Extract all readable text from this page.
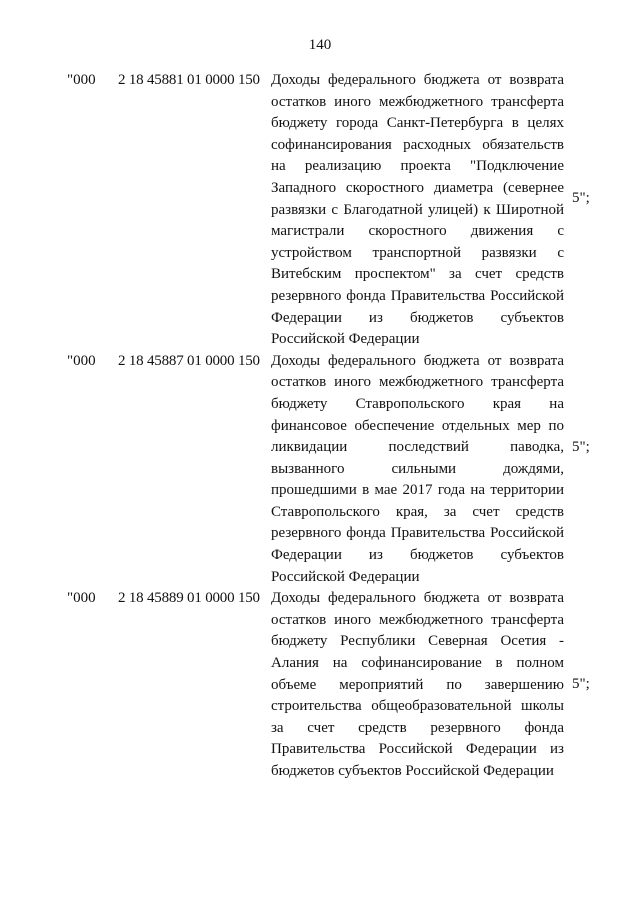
140
"000 2 18 45881 01 0000 150 Доходы федерального бюджета от возврата
остатков иного межбюджетного трансферта
бюджету города Санкт-Петербурга в целях
софинансирования расходных обязательств
на реализацию проекта "Подключение
Западного скоростного диаметра (севернее
развязки с Благодатной улицей) к Широтной
магистрали скоростного движения с
устройством транспортной развязки с
Витебским проспектом" за счет средств
резервного фонда Правительства Российской
Федерации из бюджетов субъектов
Российской Федерации
5";
"000 2 18 45887 01 0000 150 Доходы федерального бюджета от возврата
остатков иного межбюджетного трансферта
бюджету Ставропольского края на
финансовое обеспечение отдельных мер по
ликвидации последствий паводка,
вызванного сильными дождями,
прошедшими в мае 2017 года на территории
Ставропольского края, за счет средств
резервного фонда Правительства Российской
Федерации из бюджетов субъектов
Российской Федерации
5";
"000 2 18 45889 01 0000 150 Доходы федерального бюджета от возврата
остатков иного межбюджетного трансферта
бюджету Республики Северная Осетия -
Алания на софинансирование в полном
объеме мероприятий по завершению
строительства общеобразовательной школы
за счет средств резервного фонда
Правительства Российской Федерации из
бюджетов субъектов Российской Федерации
5";
